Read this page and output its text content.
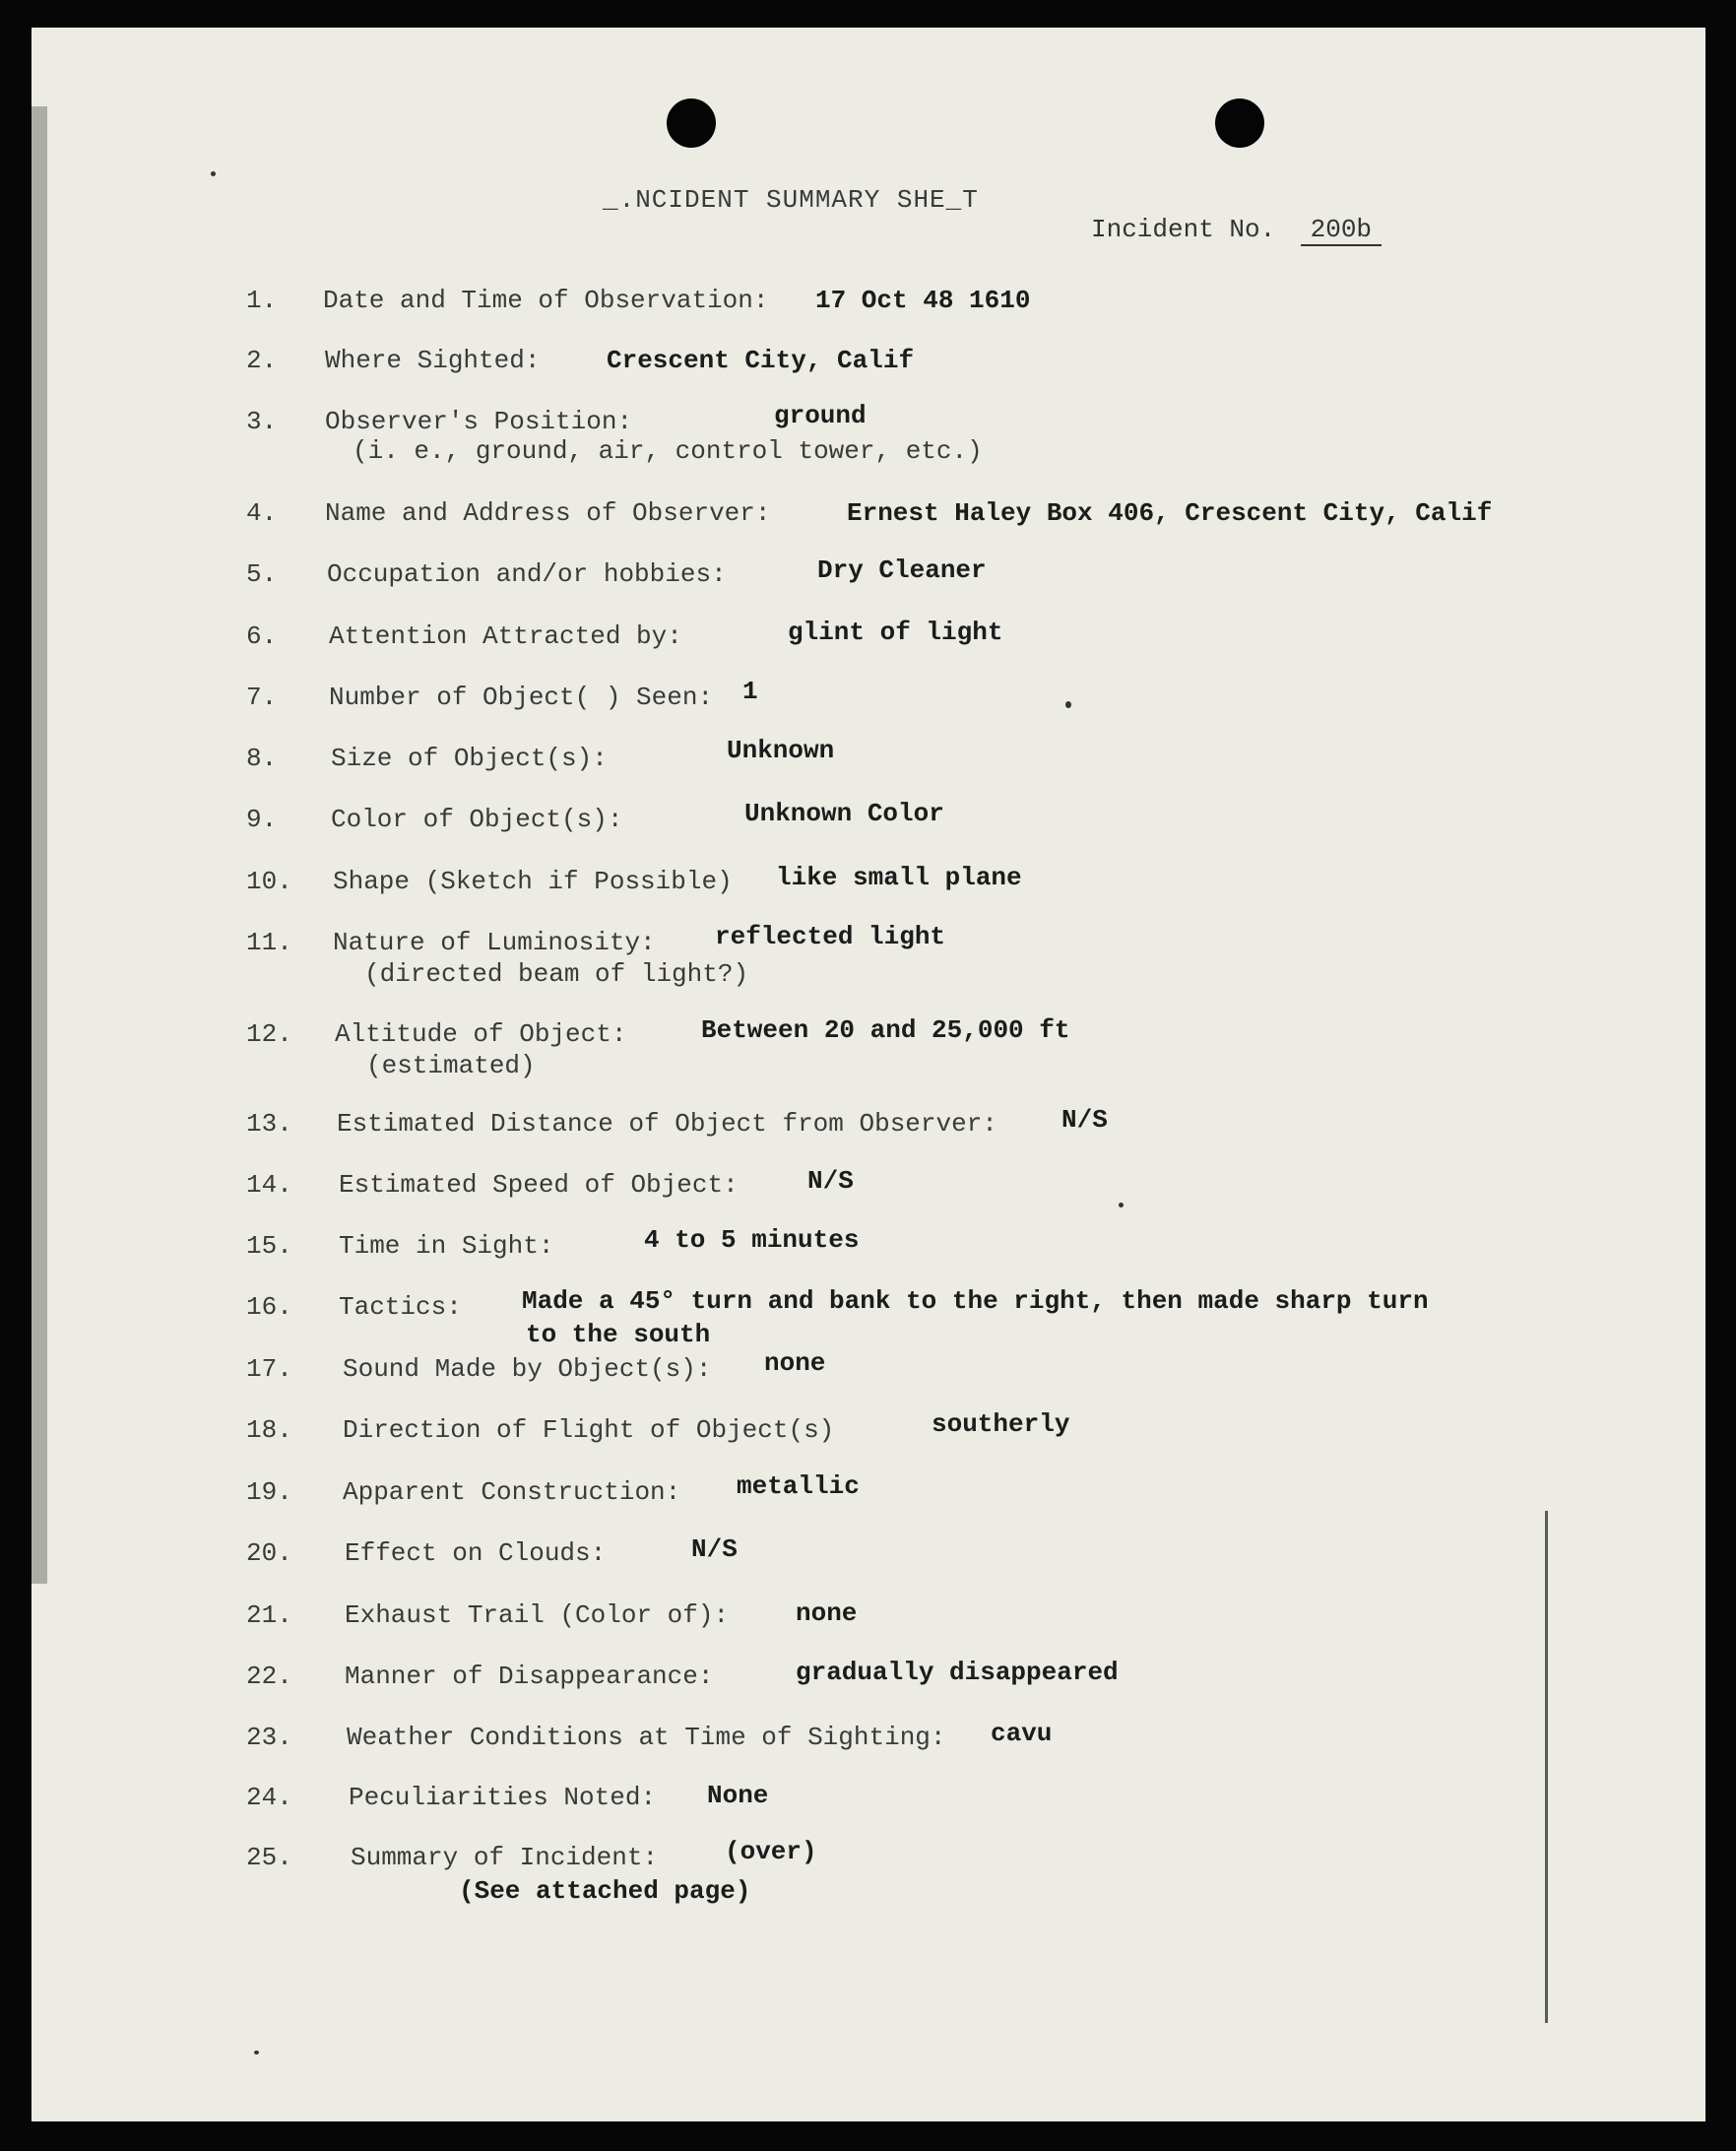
_.NCIDENT SUMMARY SHE_T
Incident No. 200b
1. Date and Time of Observation: 17 Oct 48 1610
2. Where Sighted:	Crescent City, Calif
3. Observer's Position:	ground
(i. e., ground, air, control tower, etc.)
4. Name and Address of Observer:	Ernest Haley Box 406, Crescent City, Calif
5. Occupation and/or hobbies:	Dry Cleaner
6. Attention Attracted by:	glint of light
7. Number of Object( ) Seen: 1
8. Size of Object(s):	Unknown
9. Color of Object(s):	Unknown Color
10. Shape (Sketch if Possible) like small plane
11. Nature of Luminosity: reflected light
(directed beam of light?)
12. Altitude of Object:	Between 20 and 25,000 ft
(estimated)
13. Estimated Distance of Object from Observer:	N/S
14. Estimated Speed of Object:	N/S
15. Time in Sight:	4 to 5 minutes
16. Tactics: Made a 45° turn and bank to the right, then made sharp turn
to the south
17. Sound Made by Object(s): none
18. Direction of Flight of Object(s)	southerly
19. Apparent Construction: metallic
20. Effect on Clouds:	N/S
21. Exhaust Trail (Color of):	none
22. Manner of Disappearance:	gradually disappeared
23. Weather Conditions at Time of Sighting: cavu
24. Peculiarities Noted: None
25. Summary of Incident:	(over)
(See attached page)
